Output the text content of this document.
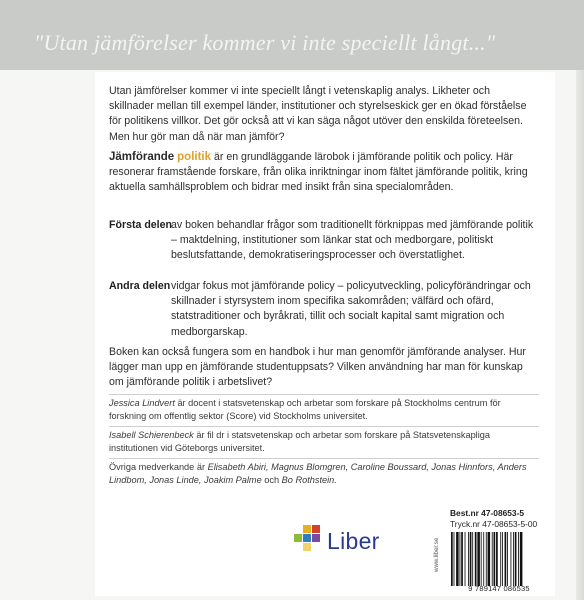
"Utan jämförelser kommer vi inte speciellt långt..."
Utan jämförelser kommer vi inte speciellt långt i vetenskaplig analys. Likheter och skillnader mellan till exempel länder, institutioner och styrelseskick ger en ökad förståelse för politikens villkor. Det gör också att vi kan säga något utöver den enskilda företeelsen. Men hur gör man då när man jämför?
Jämförande politik är en grundläggande lärobok i jämförande politik och policy. Här resonerar framstående forskare, från olika inriktningar inom fältet jämförande politik, kring aktuella samhällsproblem och bidrar med insikt från sina specialområden.
Första delen av boken behandlar frågor som traditionellt förknippas med jämförande politik – maktdelning, institutioner som länkar stat och medborgare, politiskt beslutsfattande, demokratiseringsprocesser och överstatlighet.
Andra delen vidgar fokus mot jämförande policy – policyutveckling, policyförändringar och skillnader i styrsystem inom specifika sakområden; välfärd och ofärd, statstraditioner och byråkrati, tillit och socialt kapital samt migration och medborgarskap.
Boken kan också fungera som en handbok i hur man genomför jämförande analyser. Hur lägger man upp en jämförande studentuppsats? Vilken användning har man för kunskap om jämförande politik i arbetslivet?
Jessica Lindvert är docent i statsvetenskap och arbetar som forskare på Stockholms centrum för forskning om offentlig sektor (Score) vid Stockholms universitet.
Isabell Schierenbeck är fil dr i statsvetenskap och arbetar som forskare på Statsvetenskapliga institutionen vid Göteborgs universitet.
Övriga medverkande är Elisabeth Abiri, Magnus Blomgren, Caroline Boussard, Jonas Hinnfors, Anders Lindbom, Jonas Linde, Joakim Palme och Bo Rothstein.
Liber
Best.nr 47-08653-5
Tryck.nr 47-08653-5-00
9 789147 086535
www.liber.se
